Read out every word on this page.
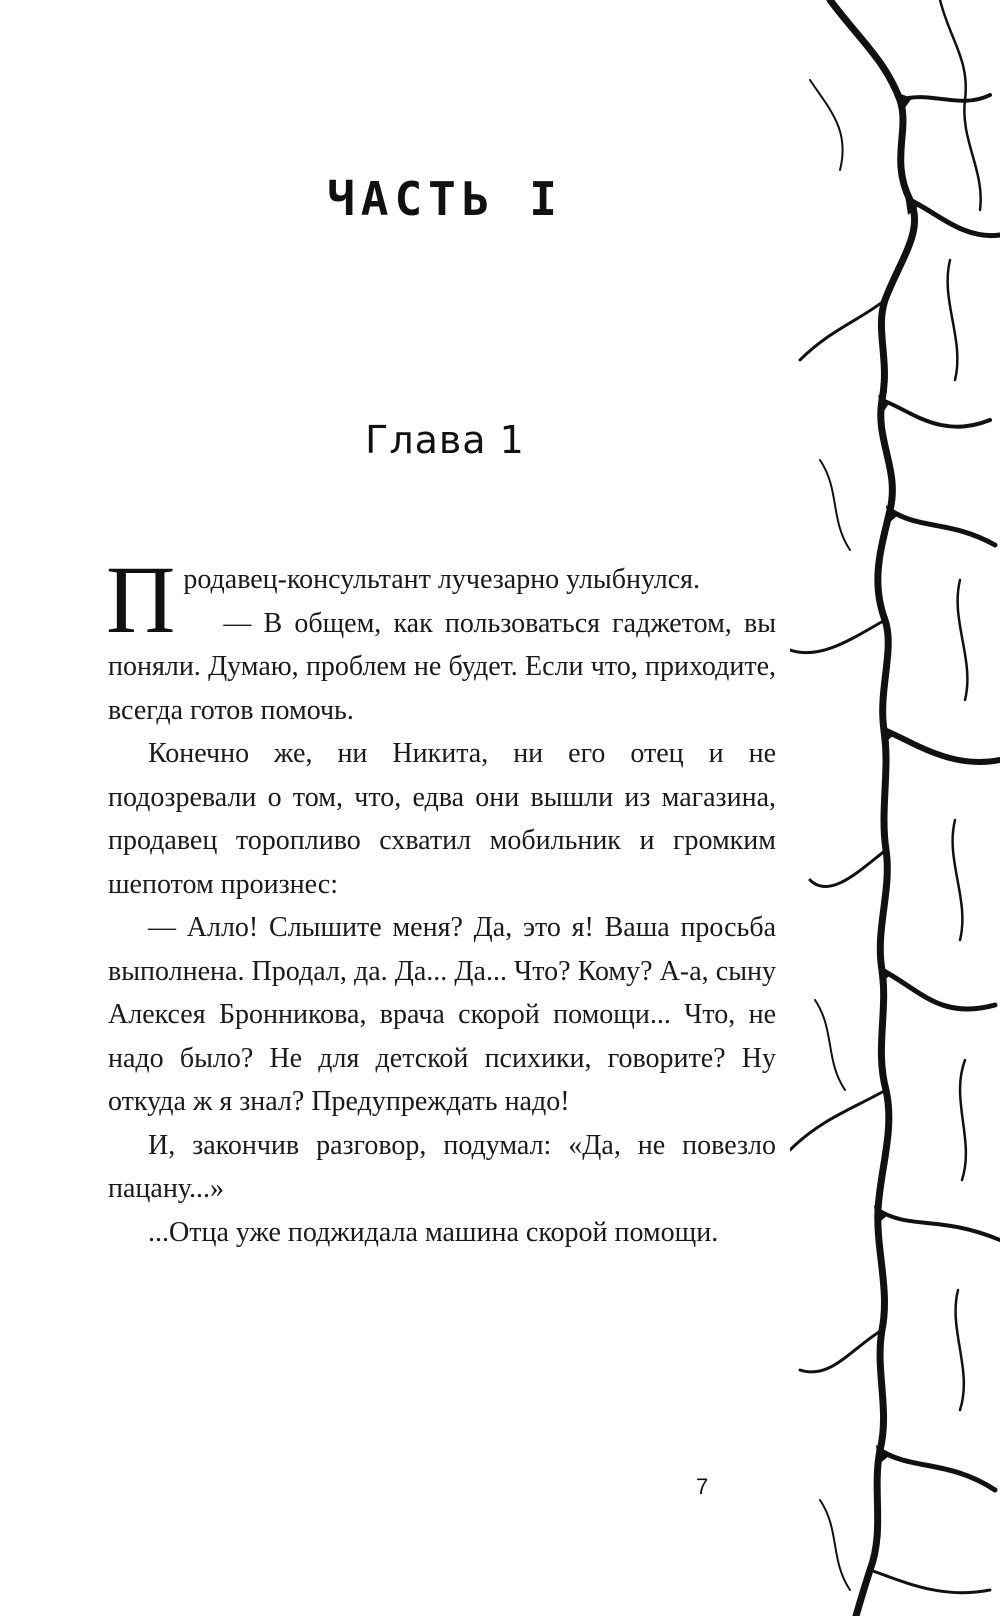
ЧАСТЬ I
Глава 1

Продавец-консультант лучезарно улыбнулся.

— В общем, как пользоваться гаджетом, вы поняли. Думаю, проблем не будет. Если что, приходите, всегда готов помочь.

Конечно же, ни Никита, ни его отец и не подозревали о том, что, едва они вышли из магазина, продавец торопливо схватил мобильник и громким шепотом произнес:

— Алло! Слышите меня? Да, это я! Ваша просьба выполнена. Продал, да. Да... Да... Что? Кому? А-а, сыну Алексея Бронникова, врача скорой помощи... Что, не надо было? Не для детской психики, говорите? Ну откуда ж я знал? Предупреждать надо!

И, закончив разговор, подумал: «Да, не повезло пацану...»

...Отца уже поджидала машина скорой помощи.

7
